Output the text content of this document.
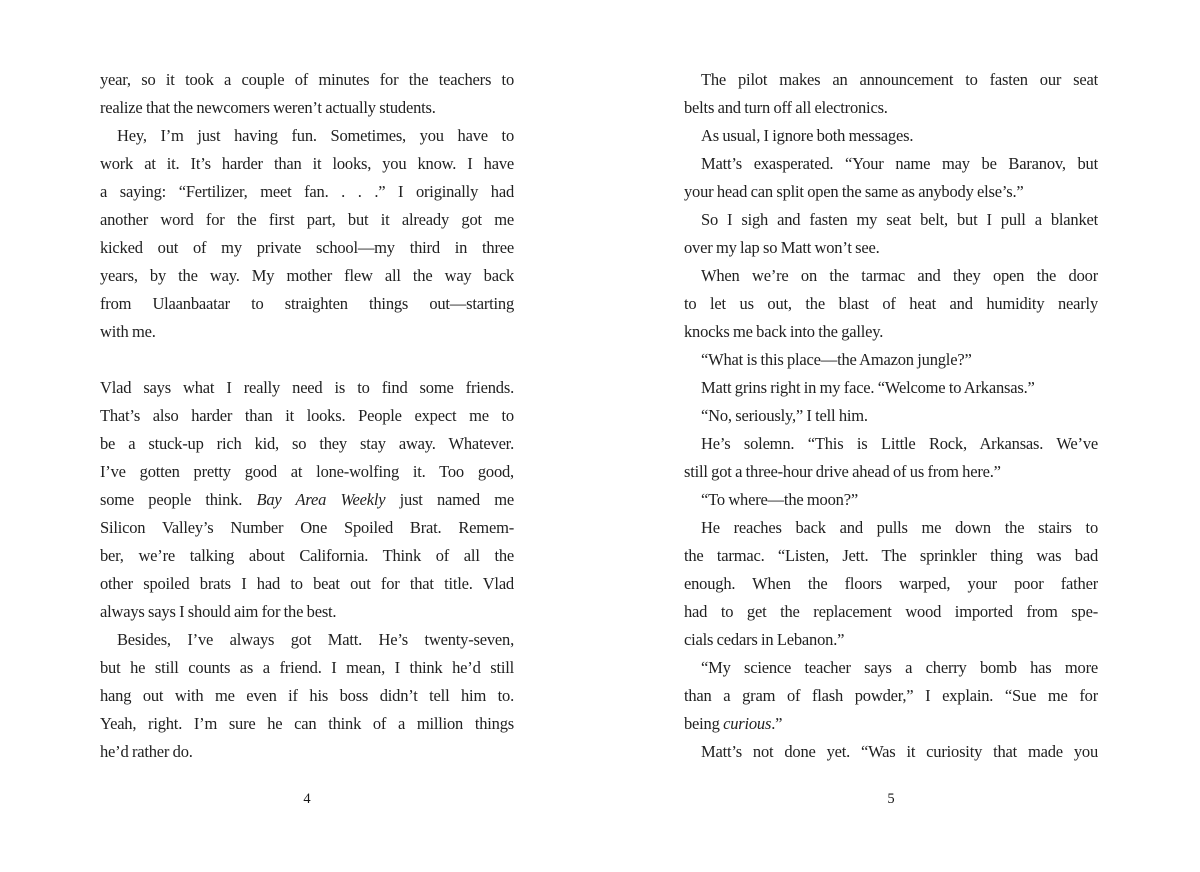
year, so it took a couple of minutes for the teachers to
realize that the newcomers weren’t actually students.
Hey, I’m just having fun. Sometimes, you have to
work at it. It’s harder than it looks, you know. I have
a saying: “Fertilizer, meet fan. . . .” I originally had
another word for the first part, but it already got me
kicked out of my private school—my third in three
years, by the way. My mother flew all the way back
from Ulaanbaatar to straighten things out—starting
with me.
Vlad says what I really need is to find some friends.
That’s also harder than it looks. People expect me to
be a stuck-up rich kid, so they stay away. Whatever.
I’ve gotten pretty good at lone-wolfing it. Too good,
some people think. Bay Area Weekly just named me
Silicon Valley’s Number One Spoiled Brat. Remem-
ber, we’re talking about California. Think of all the
other spoiled brats I had to beat out for that title. Vlad
always says I should aim for the best.
Besides, I’ve always got Matt. He’s twenty-seven,
but he still counts as a friend. I mean, I think he’d still
hang out with me even if his boss didn’t tell him to.
Yeah, right. I’m sure he can think of a million things
he’d rather do.
4
The pilot makes an announcement to fasten our seat
belts and turn off all electronics.
As usual, I ignore both messages.
Matt’s exasperated. “Your name may be Baranov, but
your head can split open the same as anybody else’s.”
So I sigh and fasten my seat belt, but I pull a blanket
over my lap so Matt won’t see.
When we’re on the tarmac and they open the door
to let us out, the blast of heat and humidity nearly
knocks me back into the galley.
“What is this place—the Amazon jungle?”
Matt grins right in my face. “Welcome to Arkansas.”
“No, seriously,” I tell him.
He’s solemn. “This is Little Rock, Arkansas. We’ve
still got a three-hour drive ahead of us from here.”
“To where—the moon?”
He reaches back and pulls me down the stairs to
the tarmac. “Listen, Jett. The sprinkler thing was bad
enough. When the floors warped, your poor father
had to get the replacement wood imported from spe-
cials cedars in Lebanon.”
“My science teacher says a cherry bomb has more
than a gram of flash powder,” I explain. “Sue me for
being curious.”
Matt’s not done yet. “Was it curiosity that made you
5
